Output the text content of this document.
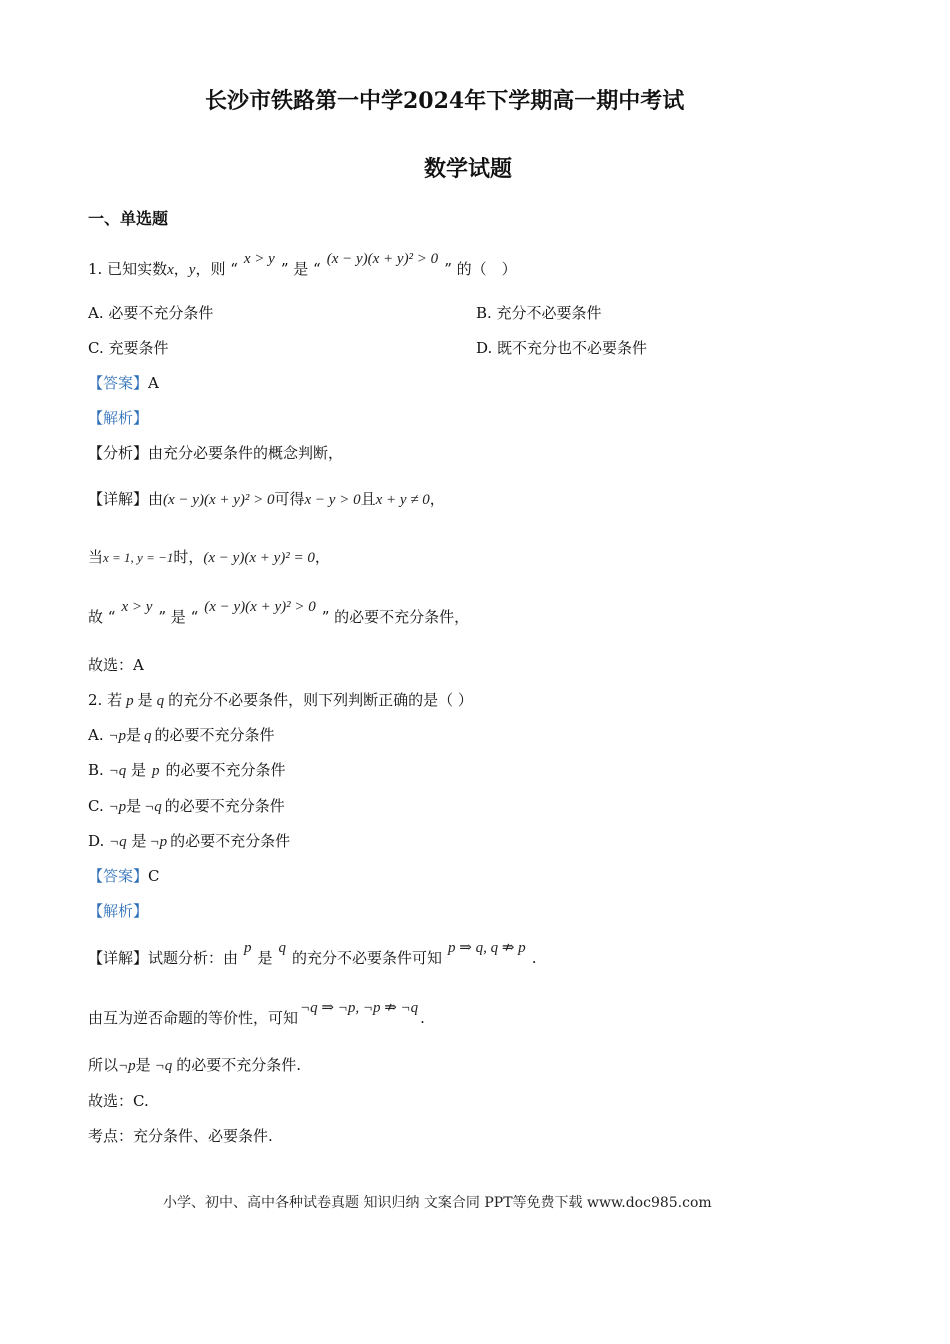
长沙市铁路第一中学2024年下学期高一期中考试
数学试题
一、单选题
1. 已知实数x，y，则 “x > y” 是 “(x − y)(x + y)² > 0” 的（　）
A. 必要不充分条件	B. 充分不必要条件
C. 充要条件	D. 既不充分也不必要条件
【答案】A
【解析】
【分析】由充分必要条件的概念判断，
【详解】由(x − y)(x + y)² > 0可得x − y > 0且x + y ≠ 0，
当x = 1, y = −1时，(x − y)(x + y)² = 0，
故 “x > y” 是 “(x − y)(x + y)² > 0” 的必要不充分条件，
故选：A
2. 若 p 是 q 的充分不必要条件，则下列判断正确的是（ ）
A. ¬p是 q 的必要不充分条件
B. ¬q 是 p 的必要不充分条件
C. ¬p是 ¬q 的必要不充分条件
D. ¬q 是 ¬p 的必要不充分条件
【答案】C
【解析】
【详解】试题分析：由p是q的充分不必要条件可知p ⇒ q, q ⇏ p.
由互为逆否命题的等价性，可知¬q ⇒ ¬p, ¬p ⇏ ¬q.
所以¬p是 ¬q 的必要不充分条件.
故选：C.
考点：充分条件、必要条件.
小学、初中、高中各种试卷真题 知识归纳 文案合同 PPT等免费下载 www.doc985.com
